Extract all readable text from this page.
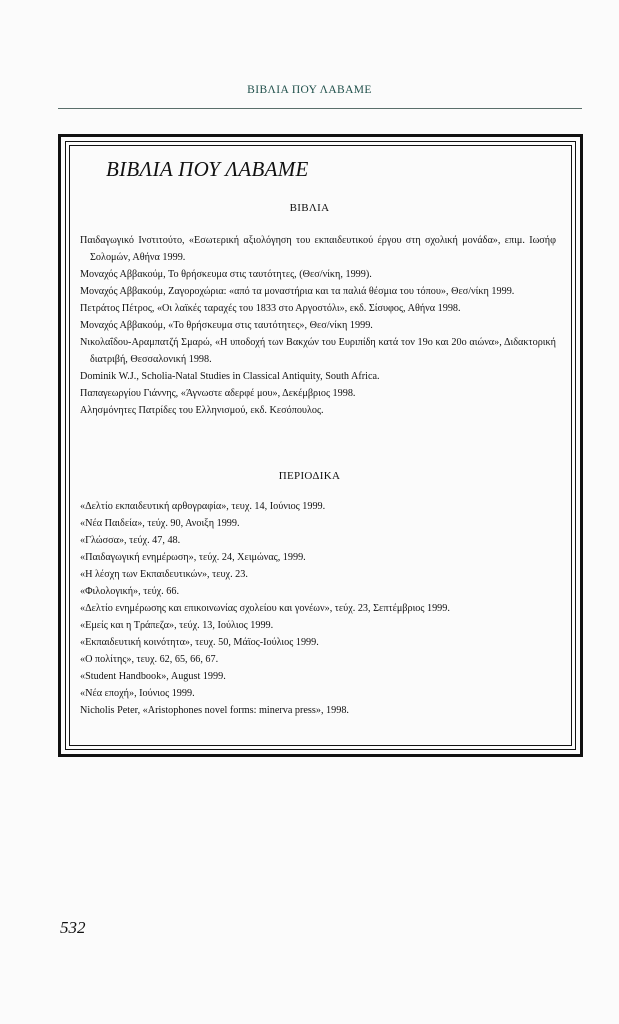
ΒΙΒΛΙΑ ΠΟΥ ΛΑΒΑΜΕ
ΒΙΒΛΙΑ ΠΟΥ ΛΑΒΑΜΕ
ΒΙΒΛΙΑ
Παιδαγωγικό Ινστιτούτο, «Εσωτερική αξιολόγηση του εκπαιδευτικού έργου στη σχολική μονάδα», επιμ. Ιωσήφ Σολομών, Αθήνα 1999.
Μοναχός Αββακούμ, Το θρήσκευμα στις ταυτότητες, (Θεσ/νίκη, 1999).
Μοναχός Αββακούμ, Ζαγοροχώρια: «από τα μοναστήρια και τα παλιά θέσμια του τόπου», Θεσ/νίκη 1999.
Πετράτος Πέτρος, «Οι λαϊκές ταραχές του 1833 στο Αργοστόλι», εκδ. Σίσυφος, Αθήνα 1998.
Μοναχός Αββακούμ, «Το θρήσκευμα στις ταυτότητες», Θεσ/νίκη 1999.
Νικολαΐδου-Αραμπατζή Σμαρώ, «Η υποδοχή των Βακχών του Ευριπίδη κατά τον 19ο και 20ο αιώνα», Διδακτορική διατριβή, Θεσσαλονική 1998.
Dominik W.J., Scholia-Natal Studies in Classical Antiquity, South Africa.
Παπαγεωργίου Γιάννης, «Άγνωστε αδερφέ μου», Δεκέμβριος 1998.
Αλησμόνητες Πατρίδες του Ελληνισμού, εκδ. Κεσόπουλος.
ΠΕΡΙΟΔΙΚΑ
«Δελτίο εκπαιδευτική αρθογραφία», τευχ. 14, Ιούνιος 1999.
«Νέα Παιδεία», τεύχ. 90, Ανοιξη 1999.
«Γλώσσα», τεύχ. 47, 48.
«Παιδαγωγική ενημέρωση», τεύχ. 24, Χειμώνας, 1999.
«Η λέσχη των Εκπαιδευτικών», τευχ. 23.
«Φιλολογική», τεύχ. 66.
«Δελτίο ενημέρωσης και επικοινωνίας σχολείου και γονέων», τεύχ. 23, Σεπτέμβριος 1999.
«Εμείς και η Τράπεζα», τεύχ. 13, Ιούλιος 1999.
«Εκπαιδευτική κοινότητα», τευχ. 50, Μάϊος-Ιούλιος 1999.
«Ο πολίτης», τευχ. 62, 65, 66, 67.
«Student Handbook», August 1999.
«Νέα εποχή», Ιούνιος 1999.
Nicholis Peter, «Aristophones novel forms: minerva press», 1998.
532
